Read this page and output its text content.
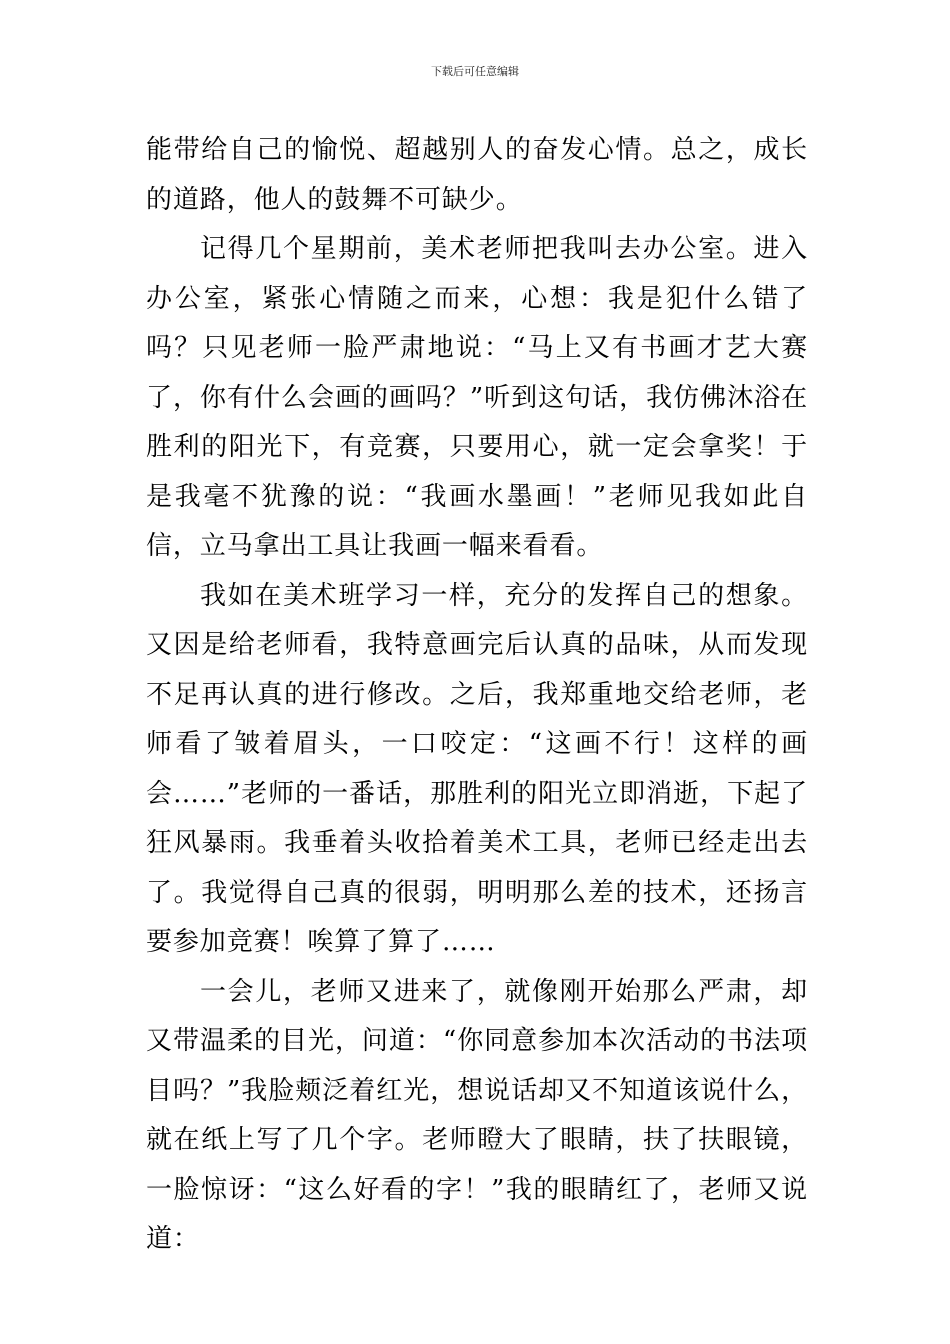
下载后可任意编辑

能带给自己的愉悦、超越别人的奋发心情。总之，成长的道路，他人的鼓舞不可缺少。

记得几个星期前，美术老师把我叫去办公室。进入办公室，紧张心情随之而来，心想：我是犯什么错了吗？只见老师一脸严肃地说：“马上又有书画才艺大赛了，你有什么会画的画吗？”听到这句话，我仿佛沐浴在胜利的阳光下，有竞赛，只要用心，就一定会拿奖！于是我毫不犹豫的说：“我画水墨画！”老师见我如此自信，立马拿出工具让我画一幅来看看。

我如在美术班学习一样，充分的发挥自己的想象。又因是给老师看，我特意画完后认真的品味，从而发现不足再认真的进行修改。之后，我郑重地交给老师，老师看了皱着眉头，一口咬定：“这画不行！这样的画会……”老师的一番话，那胜利的阳光立即消逝，下起了狂风暴雨。我垂着头收拾着美术工具，老师已经走出去了。我觉得自己真的很弱，明明那么差的技术，还扬言要参加竞赛！唉算了算了……

一会儿，老师又进来了，就像刚开始那么严肃，却又带温柔的目光，问道：“你同意参加本次活动的书法项目吗？”我脸颊泛着红光，想说话却又不知道该说什么，就在纸上写了几个字。老师瞪大了眼睛，扶了扶眼镜，一脸惊讶：“这么好看的字！”我的眼睛红了，老师又说道：
